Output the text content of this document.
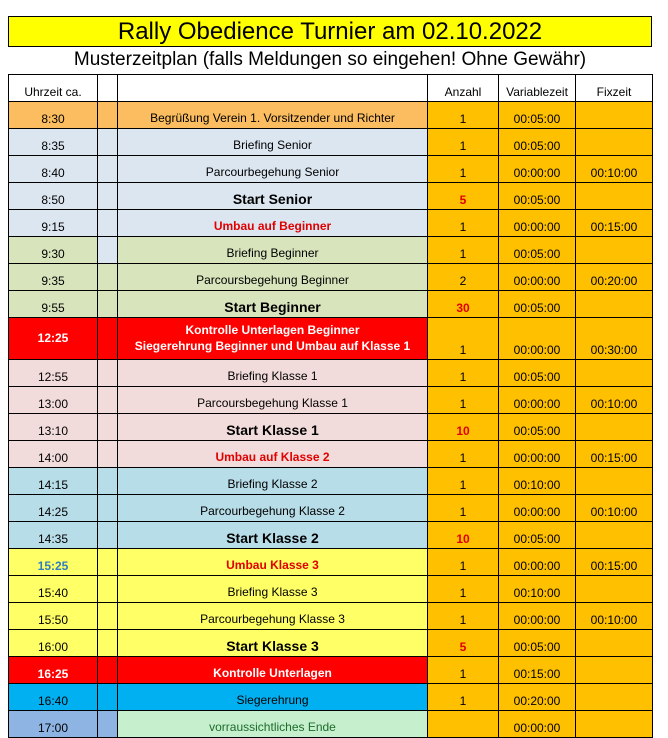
Rally Obedience Turnier am 02.10.2022
Musterzeitplan (falls Meldungen so eingehen! Ohne Gewähr)
Uhrzeit ca.			Anzahl	Variablezeit	Fixzeit
8:30		Begrüßung Verein 1. Vorsitzender und Richter	1	00:05:00	
8:35		Briefing Senior	1	00:05:00	
8:40		Parcourbegehung Senior	1	00:00:00	00:10:00
8:50		Start Senior	5	00:05:00	
9:15		Umbau auf Beginner	1	00:00:00	00:15:00
9:30		Briefing Beginner	1	00:05:00	
9:35		Parcoursbegehung Beginner	2	00:00:00	00:20:00
9:55		Start Beginner	30	00:05:00	
12:25		Kontrolle Unterlagen Beginner
Siegerehrung Beginner und Umbau auf Klasse 1	1	00:00:00	00:30:00
12:55		Briefing Klasse 1	1	00:05:00	
13:00		Parcoursbegehung Klasse 1	1	00:00:00	00:10:00
13:10		Start Klasse 1	10	00:05:00	
14:00		Umbau auf Klasse 2	1	00:00:00	00:15:00
14:15		Briefing Klasse 2	1	00:10:00	
14:25		Parcourbegehung Klasse 2	1	00:00:00	00:10:00
14:35		Start Klasse 2	10	00:05:00	
15:25		Umbau Klasse 3	1	00:00:00	00:15:00
15:40		Briefing Klasse 3	1	00:10:00	
15:50		Parcourbegehung Klasse 3	1	00:00:00	00:10:00
16:00		Start Klasse 3	5	00:05:00	
16:25		Kontrolle Unterlagen	1	00:15:00	
16:40		Siegerehrung	1	00:20:00	
17:00		vorraussichtliches Ende		00:00:00	
